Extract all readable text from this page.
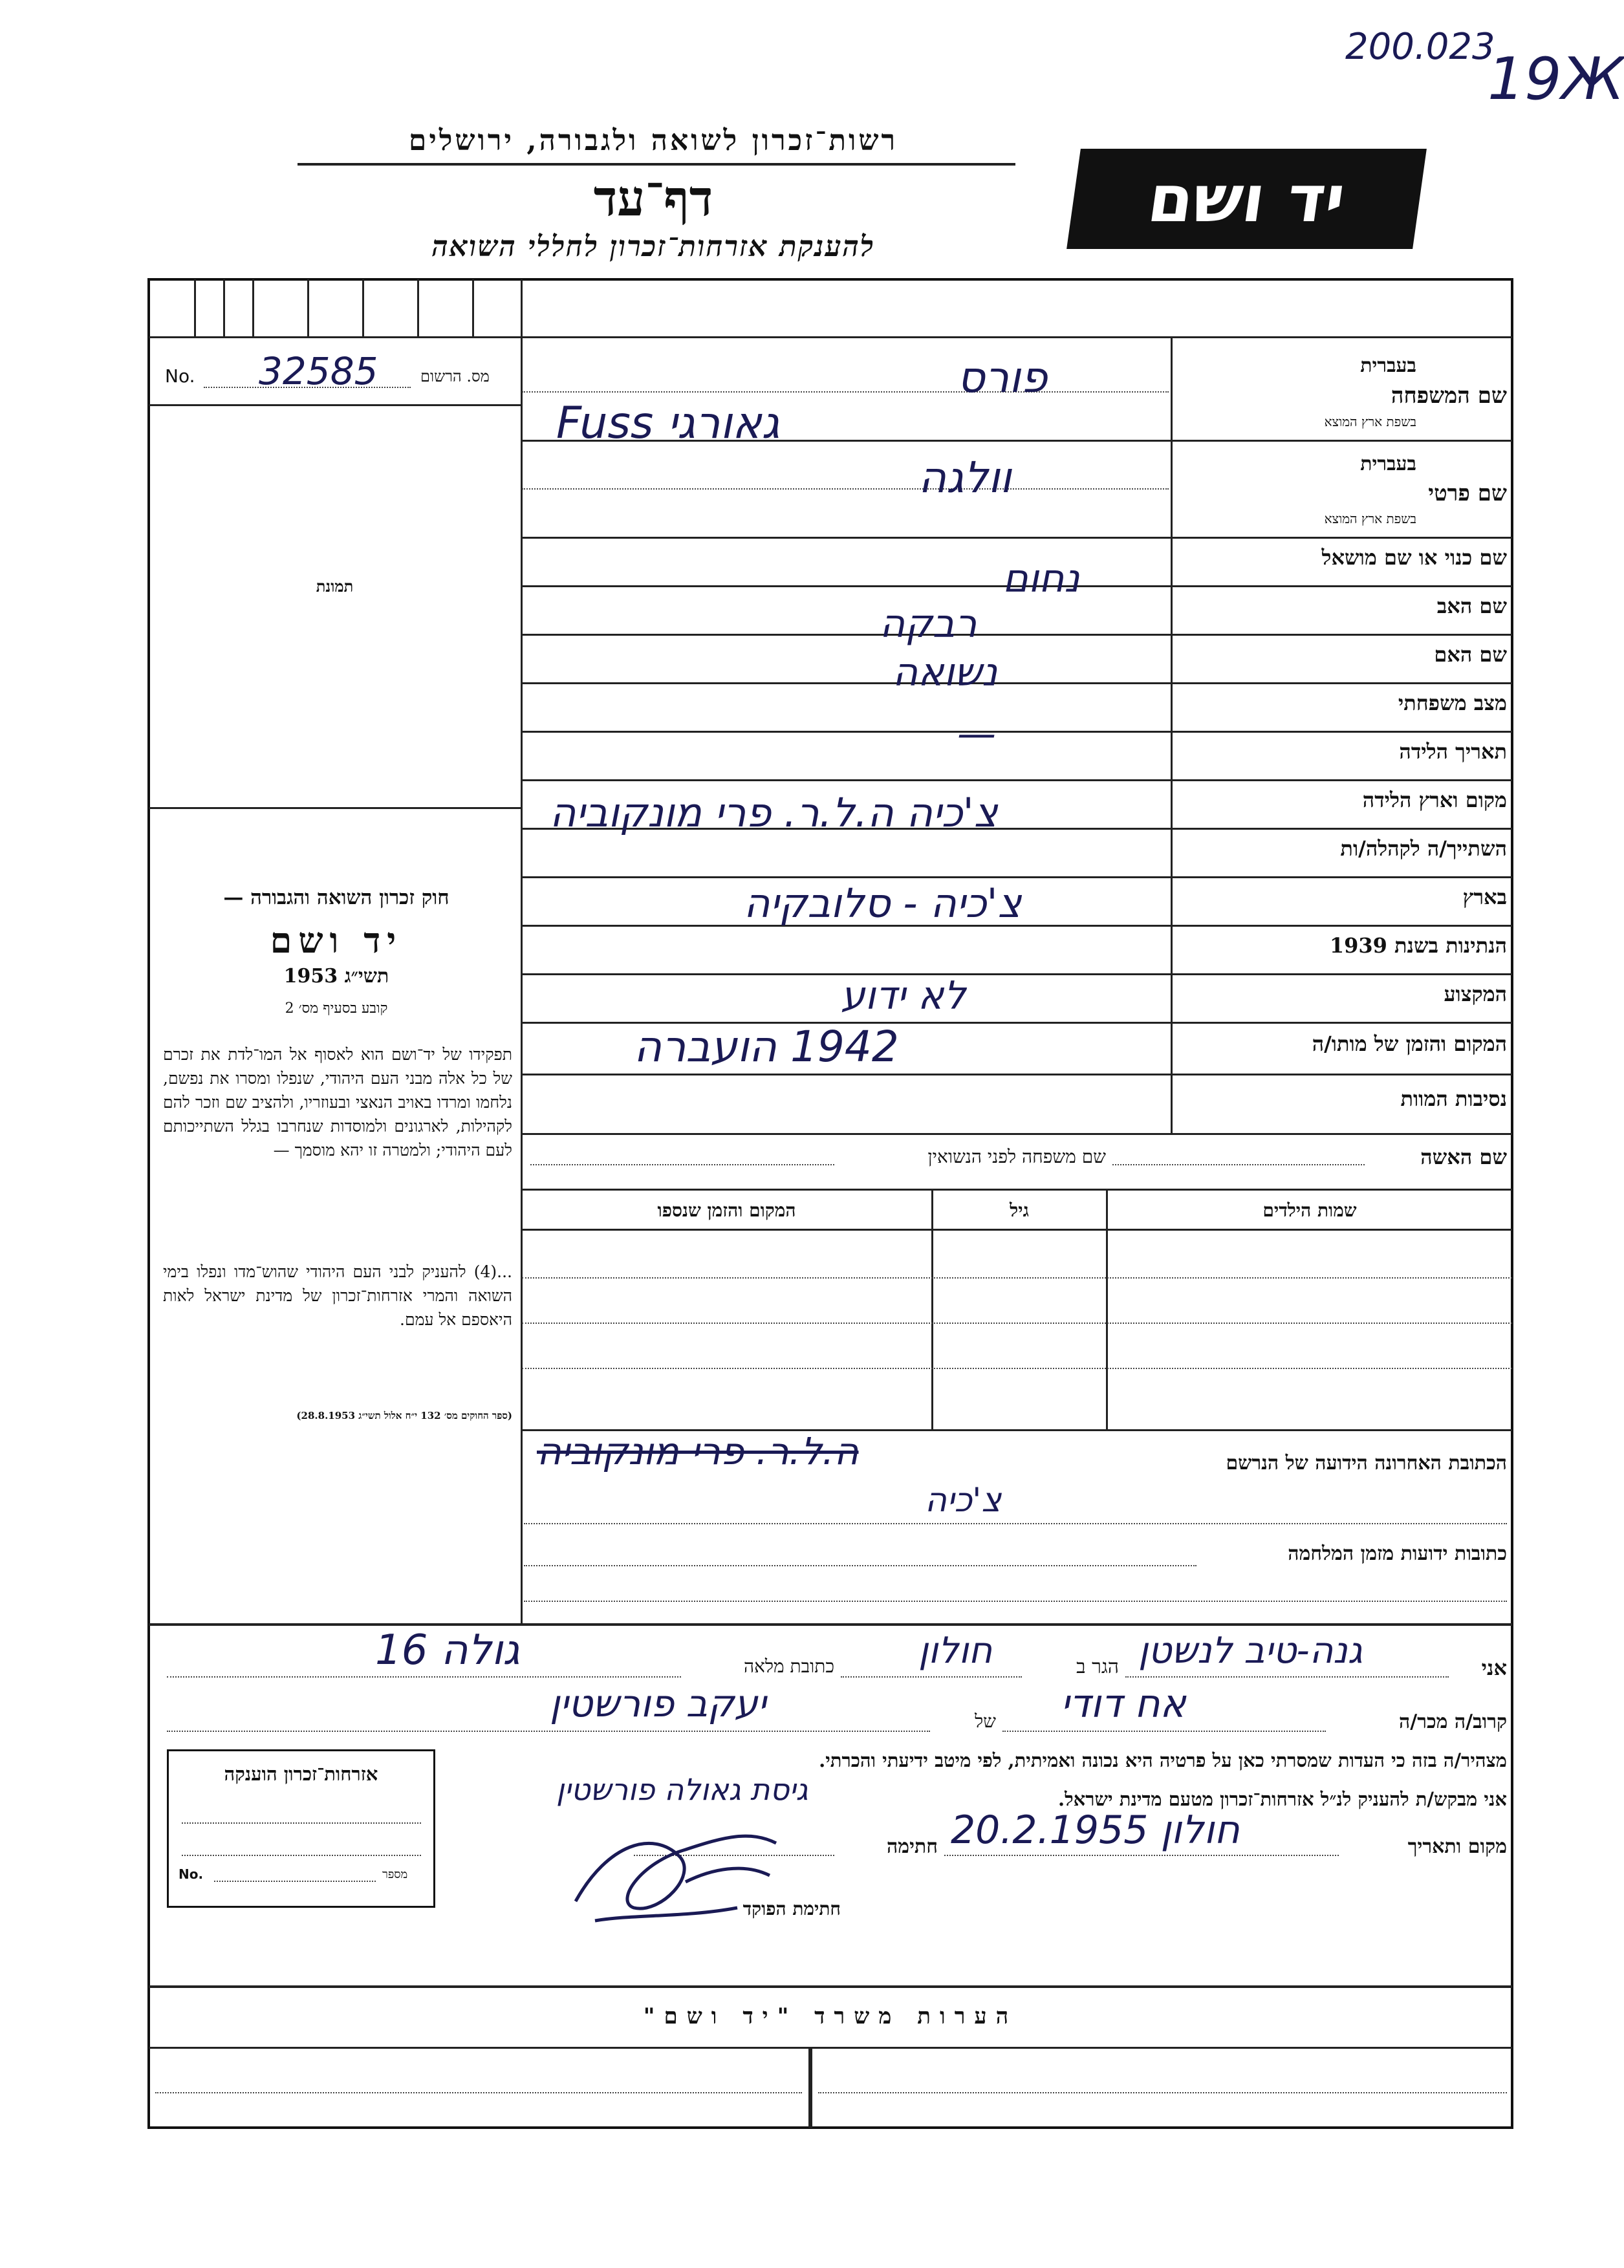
200.023
19Ж
רשות־זכרון לשואה ולגבורה, ירושלים
דף־עד
להענקת אזרחות־זכרון לחללי השואה
יד ושם
No. 32585	מס. הרשום
תמונת
חוק זכרון השואה והגבורה —
יד ושם
תשי״ג 1953
קובע בסעיף מס׳ 2
תפקידו של יד־ושם הוא לאסוף אל המו־לדת את זכרם של כל אלה מבני העם היהודי, שנפלו ומסרו את נפשם, נלחמו ומרדו באויב הנאצי ובעוזריו, ולהציב שם וזכר להם לקהילות, לארגונים ולמוסדות שנחרבו בגלל השתייכותם לעם היהודי; ולמטרה זו יהא מוסמך —
...(4) להעניק לבני העם היהודי שהוש־מדו ונפלו בימי השואה והמרי אזרחות־זכרון של מדינת ישראל לאות היאספם אל עמם.
(ספר החוקים מס׳ 132 י״ח אלול תשי״ג 28.8.1953)
בעברית
שם המשפחה
בשפת ארץ המוצא
פורס
Fuss גאורגי
בעברית
שם פרטי
בשפת ארץ המוצא
וולגה
שם כנוי או שם מושאל
שם האב
נחום
שם האם
רבקה
מצב משפחתי
נשואה
תאריך הלידה
—
מקום וארץ הלידה
צ'כיה ה.ל.ר. פרי מונקוביה
השתייך/ה לקהלה/ות
בארץ
צ'כיה - סלובקיה
הנתינות בשנת 1939
המקצוע
לא ידוע
המקום והזמן של מותו/ה
1942 הועברה
נסיבות המוות
שם האשה
שם משפחה לפני הנשואין
שמות הילדים
גיל
המקום והזמן שנספו
הכתובת האחרונה הידועה של הנרשם
ה.ל.ר. פרי מונקוביה
צ'כיה
כתובות ידועות מזמן המלחמה
אני
גנה-טיב לנשטן
הגר ב
חולון
כתובת מלאה
גולה 16
קרוב/ה מכר/ה
אח דודי
של
יעקב פורשטין
מצהיר/ה בזה כי העדות שמסרתי כאן על פרטיה היא נכונה ואמיתית, לפי מיטב ידיעתי והכרתי.
אני מבקש/ת להעניק לנ״ל אזרחות־זכרון מטעם מדינת ישראל.
גיסת גאולה פורשטין
מקום ותאריך
חולון 20.2.1955
חתימה
חתימת הפוקד
אזרחות־זכרון הוענקה
No.	מספר
הערות משרד "יד ושם"
